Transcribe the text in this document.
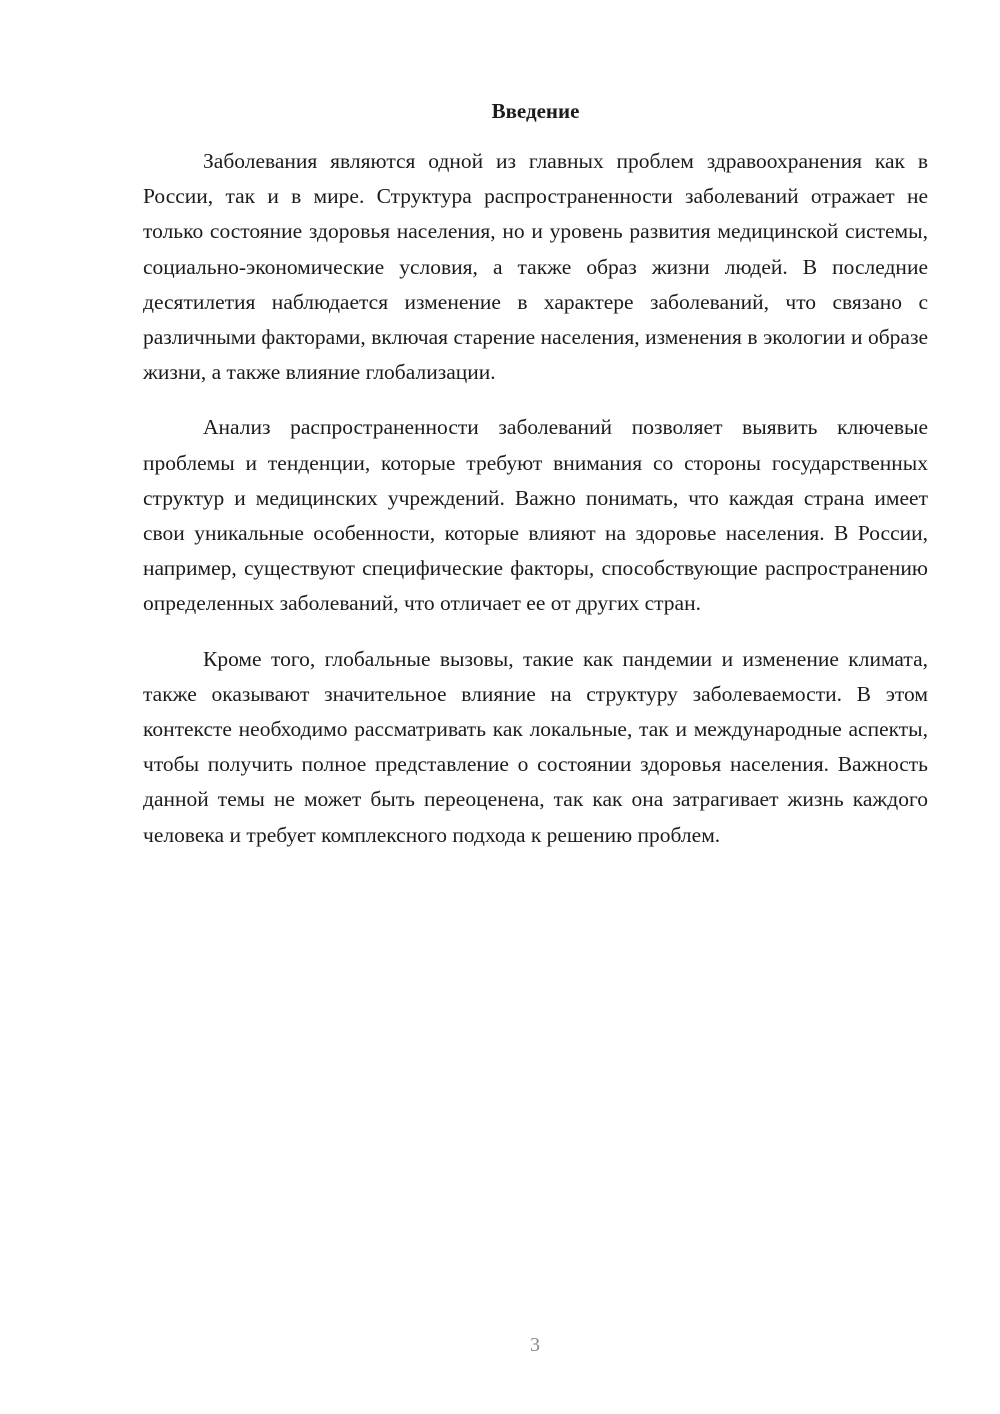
Введение

Заболевания являются одной из главных проблем здравоохранения как в России, так и в мире. Структура распространенности заболеваний отражает не только состояние здоровья населения, но и уровень развития медицинской системы, социально-экономические условия, а также образ жизни людей. В последние десятилетия наблюдается изменение в характере заболеваний, что связано с различными факторами, включая старение населения, изменения в экологии и образе жизни, а также влияние глобализации.

Анализ распространенности заболеваний позволяет выявить ключевые проблемы и тенденции, которые требуют внимания со стороны государственных структур и медицинских учреждений. Важно понимать, что каждая страна имеет свои уникальные особенности, которые влияют на здоровье населения. В России, например, существуют специфические факторы, способствующие распространению определенных заболеваний, что отличает ее от других стран.

Кроме того, глобальные вызовы, такие как пандемии и изменение климата, также оказывают значительное влияние на структуру заболеваемости. В этом контексте необходимо рассматривать как локальные, так и международные аспекты, чтобы получить полное представление о состоянии здоровья населения. Важность данной темы не может быть переоценена, так как она затрагивает жизнь каждого человека и требует комплексного подхода к решению проблем.

3
